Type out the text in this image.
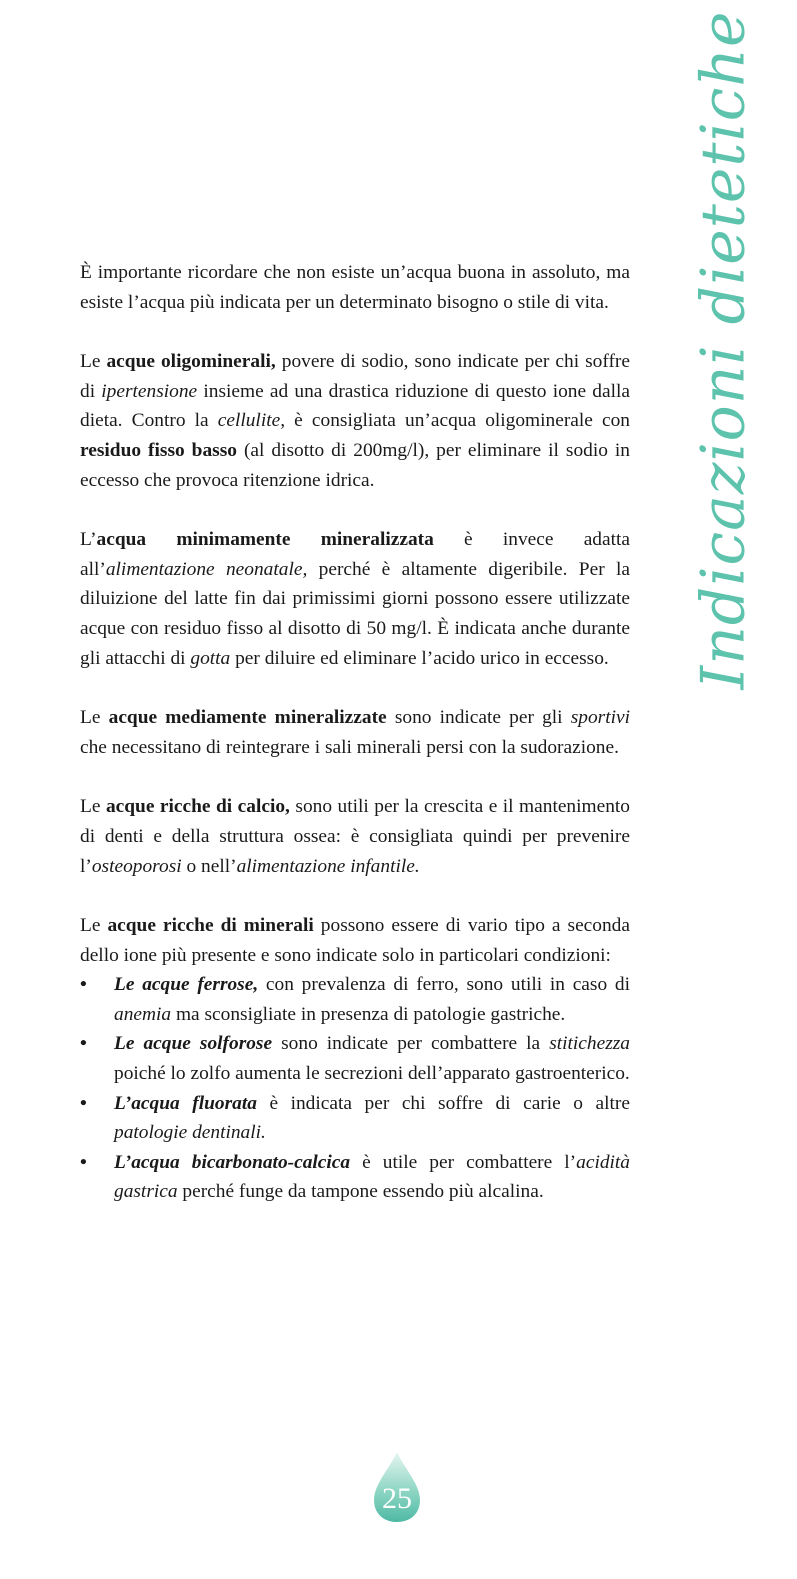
Indicazioni dietetiche

È importante ricordare che non esiste un’acqua buona in assoluto, ma esiste l’acqua più indicata per un determinato bisogno o stile di vita.

Le acque oligominerali, povere di sodio, sono indicate per chi soffre di ipertensione insieme ad una drastica riduzione di questo ione dalla dieta. Contro la cellulite, è consigliata un’acqua oligominerale con residuo fisso basso (al disotto di 200mg/l), per eliminare il sodio in eccesso che provoca ritenzione idrica.

L’acqua minimamente mineralizzata è invece adatta all’alimentazione neonatale, perché è altamente digeribile. Per la diluizione del latte fin dai primissimi giorni possono essere utilizzate acque con residuo fisso al disotto di 50 mg/l. È indicata anche durante gli attacchi di gotta per diluire ed eliminare l’acido urico in eccesso.

Le acque mediamente mineralizzate sono indicate per gli sportivi che necessitano di reintegrare i sali minerali persi con la sudorazione.

Le acque ricche di calcio, sono utili per la crescita e il mantenimento di denti e della struttura ossea: è consigliata quindi per prevenire l’osteoporosi o nell’alimentazione infantile.

Le acque ricche di minerali possono essere di vario tipo a seconda dello ione più presente e sono indicate solo in particolari condizioni:

• Le acque ferrose, con prevalenza di ferro, sono utili in caso di anemia ma sconsigliate in presenza di patologie gastriche.
• Le acque solforose sono indicate per combattere la stitichezza poiché lo zolfo aumenta le secrezioni dell’apparato gastroenterico.
• L’acqua fluorata è indicata per chi soffre di carie o altre patologie dentinali.
• L’acqua bicarbonato-calcica è utile per combattere l’acidità gastrica perché funge da tampone essendo più alcalina.
25
